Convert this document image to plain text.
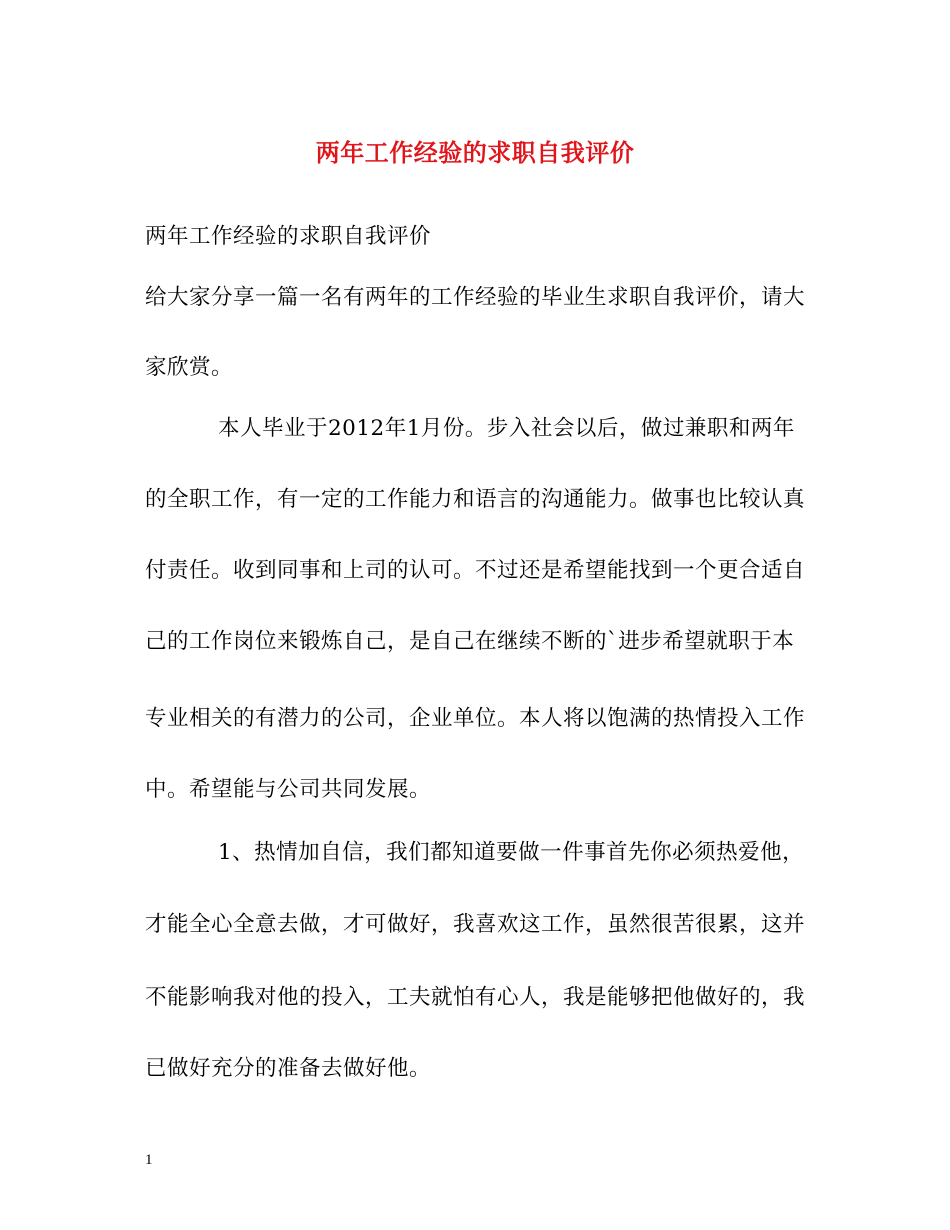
两年工作经验的求职自我评价
两年工作经验的求职自我评价
给大家分享一篇一名有两年的工作经验的毕业生求职自我评价，请大
家欣赏。
本人毕业于2012年1月份。步入社会以后，做过兼职和两年
的全职工作，有一定的工作能力和语言的沟通能力。做事也比较认真
付责任。收到同事和上司的认可。不过还是希望能找到一个更合适自
己的工作岗位来锻炼自己，是自己在继续不断的`进步希望就职于本
专业相关的有潜力的公司，企业单位。本人将以饱满的热情投入工作
中。希望能与公司共同发展。
1、热情加自信，我们都知道要做一件事首先你必须热爱他，
才能全心全意去做，才可做好，我喜欢这工作，虽然很苦很累，这并
不能影响我对他的投入，工夫就怕有心人，我是能够把他做好的，我
已做好充分的准备去做好他。
1
